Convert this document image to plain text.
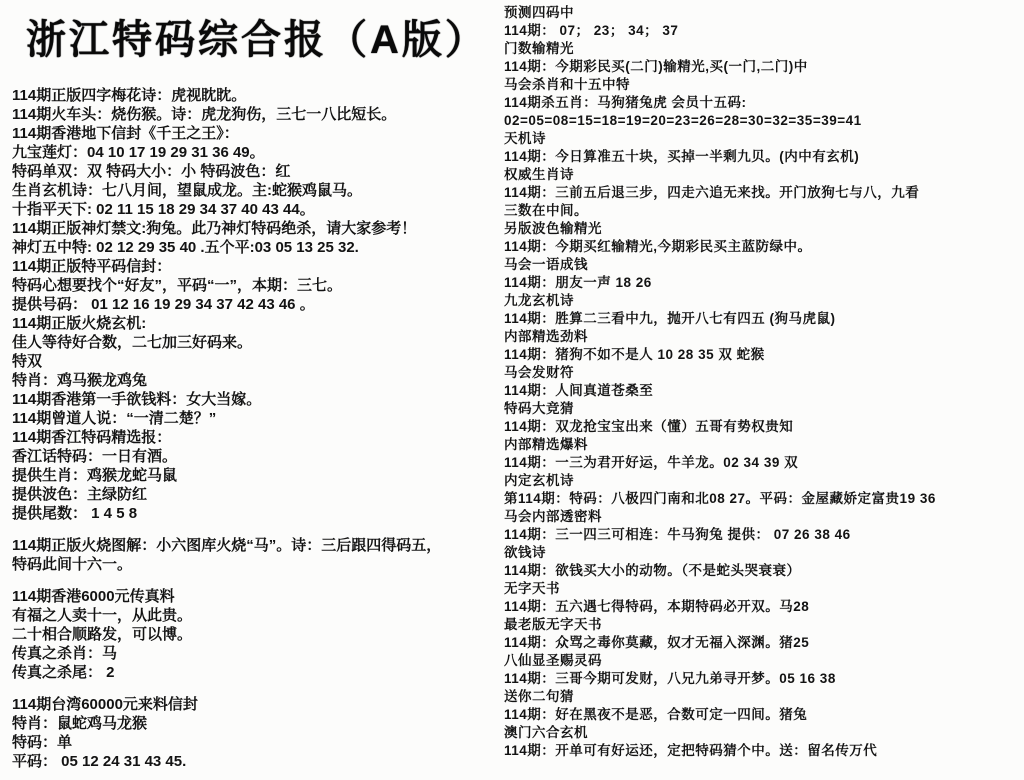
浙江特码综合报（A版）
114期正版四字梅花诗：虎视眈眈。
114期火车头：烧伤猴。诗：虎龙狗伤，三七一八比短长。
114期香港地下信封《千王之王》：
九宝莲灯：04 10 17 19 29 31 36 49。
特码单双：双 特码大小：小 特码波色：红
生肖玄机诗：七八月间，望鼠成龙。主:蛇猴鸡鼠马。
十指平天下: 02 11 15 18 29 34 37 40 43 44。
114期正版神灯禁文:狗兔。此乃神灯特码绝杀，请大家参考！
神灯五中特: 02 12 29 35 40 .五个平:03 05 13 25 32.
114期正版特平码信封：
特码心想要找个“好友”，平码“一”，本期：三七。
提供号码： 01 12 16 19 29 34 37 42 43 46 。
114期正版火烧玄机:
佳人等待好合数，二七加三好码来。
特双
特肖：鸡马猴龙鸡兔
114期香港第一手欲钱料：女大当嫁。
114期曾道人说：“一清二楚？”
114期香江特码精选报：
香江话特码：一日有酒。
提供生肖：鸡猴龙蛇马鼠
提供波色：主绿防红
提供尾数： 1 4 5 8
114期正版火烧图解：小六图库火烧“马”。诗：三后跟四得码五，
特码此间十六一。
114期香港6000元传真料
有福之人卖十一，从此贵。
二十相合顺路发，可以博。
传真之杀肖：马
传真之杀尾： 2
114期台湾60000元来料信封
特肖：鼠蛇鸡马龙猴
特码：单
平码： 05 12 24 31 43 45.
预测四码中
114期： 07； 23； 34； 37
门数输精光
114期：今期彩民买(二门)输精光,买(一门,二门)中
马会杀肖和十五中特
114期杀五肖：马狗猪兔虎 会员十五码:
02=05=08=15=18=19=20=23=26=28=30=32=35=39=41
天机诗
114期：今日算准五十块，买掉一半剩九贝。(内中有玄机)
权威生肖诗
114期：三前五后退三步，四走六追无来找。开门放狗七与八，九看
三数在中间。
另版波色输精光
114期：今期买红输精光,今期彩民买主蓝防绿中。
马会一语成钱
114期：朋友一声 18 26
九龙玄机诗
114期：胜算二三看中九，抛开八七有四五 (狗马虎鼠)
内部精选劲料
114期：猪狗不如不是人 10 28 35 双 蛇猴
马会发财符
114期：人间真道苍桑至
特码大竞猜
114期：双龙抢宝宝出来（懂）五哥有势权贵知
内部精选爆料
114期：一三为君开好运，牛羊龙。02 34 39 双
内定玄机诗
第114期：特码：八极四门南和北08 27。平码：金屋藏娇定富贵19 36
马会内部透密料
114期：三一四三可相连：牛马狗兔 提供： 07 26 38 46
欲钱诗
114期：欲钱买大小的动物。（不是蛇头哭衰衰）
无字天书
114期：五六遇七得特码，本期特码必开双。马28
最老版无字天书
114期：众骂之毒你莫藏，奴才无福入深渊。猪25
八仙显圣赐灵码
114期：三哥今期可发财，八兄九弟寻开梦。05 16 38
送你二句猜
114期：好在黑夜不是恶，合数可定一四间。猪兔
澳门六合玄机
114期：开单可有好运还，定把特码猜个中。送：留名传万代
